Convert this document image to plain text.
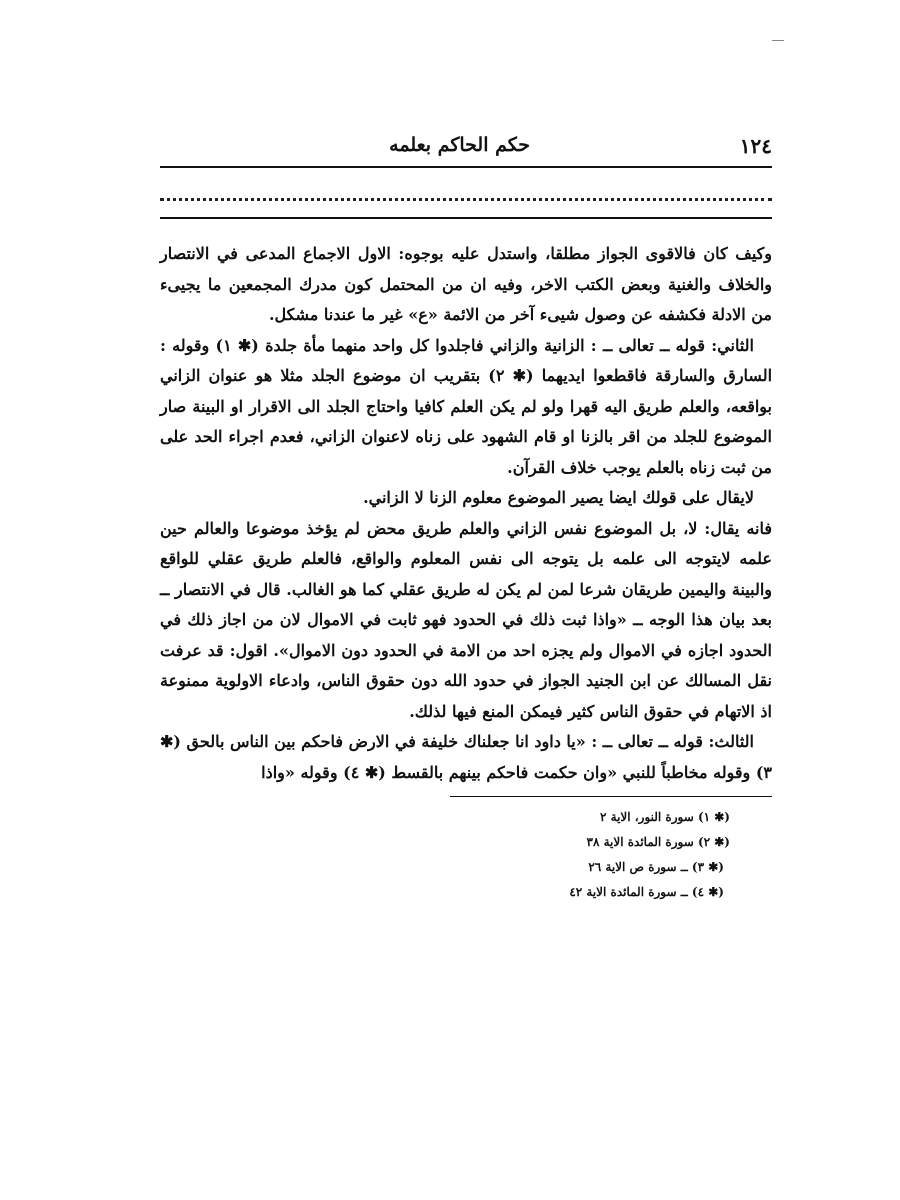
١٢٤
حكم الحاكم بعلمه

وكيف كان فالاقوى الجواز مطلقا، واستدل عليه بوجوه: الاول الاجماع المدعى في الانتصار والخلاف والغنية وبعض الكتب الاخر، وفيه ان من المحتمل كون مدرك المجمعين ما يجيىء من الادلة فكشفه عن وصول شيىء آخر من الائمة «ع» غير ما عندنا مشكل.

الثاني: قوله ــ تعالى ــ : الزانية والزاني فاجلدوا كل واحد منهما مأة جلدة (✱ ١) وقوله : السارق والسارقة فاقطعوا ايديهما (✱ ٢) بتقريب ان موضوع الجلد مثلا هو عنوان الزاني بواقعه، والعلم طريق اليه قهرا ولو لم يكن العلم كافيا واحتاج الجلد الى الاقرار او البينة صار الموضوع للجلد من اقر بالزنا او قام الشهود على زناه لاعنوان الزاني، فعدم اجراء الحد على من ثبت زناه بالعلم يوجب خلاف القرآن.

لايقال على قولك ايضا يصير الموضوع معلوم الزنا لا الزاني.

فانه يقال: لا، بل الموضوع نفس الزاني والعلم طريق محض لم يؤخذ موضوعا والعالم حين علمه لايتوجه الى علمه بل يتوجه الى نفس المعلوم والواقع، فالعلم طريق عقلي للواقع والبينة واليمين طريقان شرعا لمن لم يكن له طريق عقلي كما هو الغالب. قال في الانتصار ــ بعد بيان هذا الوجه ــ «واذا ثبت ذلك في الحدود فهو ثابت في الاموال لان من اجاز ذلك في الحدود اجازه في الاموال ولم يجزه احد من الامة في الحدود دون الاموال». اقول: قد عرفت نقل المسالك عن ابن الجنيد الجواز في حدود الله دون حقوق الناس، وادعاء الاولوية ممنوعة اذ الاتهام في حقوق الناس كثير فيمكن المنع فيها لذلك.

الثالث: قوله ــ تعالى ــ : «يا داود انا جعلناك خليفة في الارض فاحكم بين الناس بالحق (✱ ٣) وقوله مخاطباً للنبي «وان حكمت فاحكم بينهم بالقسط (✱ ٤) وقوله «واذا

(✱ ١) سورة النور، الاية ٢
(✱ ٢) سورة المائدة الاية ٣٨
(✱ ٣) ــ سورة ص الاية ٢٦
(✱ ٤) ــ سورة المائدة الاية ٤٢
